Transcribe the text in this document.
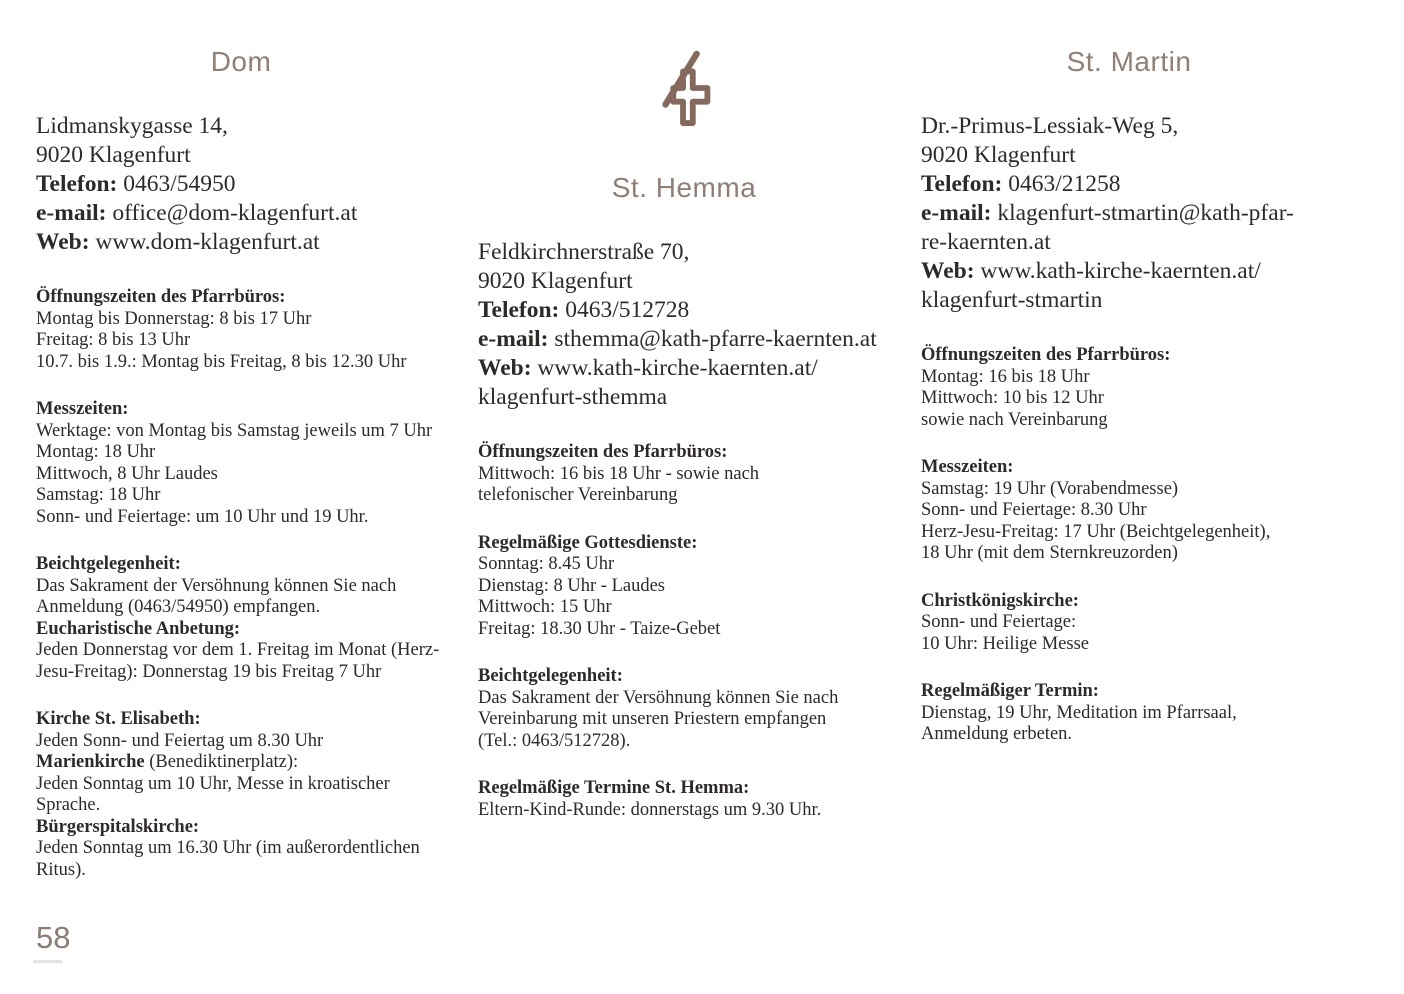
Dom
Lidmanskygasse 14,
9020 Klagenfurt
Telefon: 0463/54950
e-mail: office@dom-klagenfurt.at
Web: www.dom-klagenfurt.at
Öffnungszeiten des Pfarrbüros:
Montag bis Donnerstag: 8 bis 17 Uhr
Freitag: 8 bis 13 Uhr
10.7. bis 1.9.: Montag bis Freitag, 8 bis 12.30 Uhr
Messzeiten:
Werktage: von Montag bis Samstag jeweils um 7 Uhr
Montag: 18 Uhr
Mittwoch, 8 Uhr Laudes
Samstag: 18 Uhr
Sonn- und Feiertage: um 10 Uhr und 19 Uhr.
Beichtgelegenheit:
Das Sakrament der Versöhnung können Sie nach
Anmeldung (0463/54950) empfangen.
Eucharistische Anbetung:
Jeden Donnerstag vor dem 1. Freitag im Monat (Herz-
Jesu-Freitag): Donnerstag 19 bis Freitag 7 Uhr
Kirche St. Elisabeth:
Jeden Sonn- und Feiertag um 8.30 Uhr
Marienkirche (Benediktinerplatz):
Jeden Sonntag um 10 Uhr, Messe in kroatischer
Sprache.
Bürgerspitalskirche:
Jeden Sonntag um 16.30 Uhr (im außerordentlichen
Ritus).
St. Hemma
Feldkirchnerstraße 70,
9020 Klagenfurt
Telefon: 0463/512728
e-mail: sthemma@kath-pfarre-kaernten.at
Web: www.kath-kirche-kaernten.at/
klagenfurt-sthemma
Öffnungszeiten des Pfarrbüros:
Mittwoch: 16 bis 18 Uhr - sowie nach
telefonischer Vereinbarung
Regelmäßige Gottesdienste:
Sonntag: 8.45 Uhr
Dienstag: 8 Uhr - Laudes
Mittwoch: 15 Uhr
Freitag: 18.30 Uhr - Taize-Gebet
Beichtgelegenheit:
Das Sakrament der Versöhnung können Sie nach
Vereinbarung mit unseren Priestern empfangen
(Tel.: 0463/512728).
Regelmäßige Termine St. Hemma:
Eltern-Kind-Runde: donnerstags um 9.30 Uhr.
St. Martin
Dr.-Primus-Lessiak-Weg 5,
9020 Klagenfurt
Telefon: 0463/21258
e-mail: klagenfurt-stmartin@kath-pfar-
re-kaernten.at
Web: www.kath-kirche-kaernten.at/
klagenfurt-stmartin
Öffnungszeiten des Pfarrbüros:
Montag: 16 bis 18 Uhr
Mittwoch: 10 bis 12 Uhr
sowie nach Vereinbarung
Messzeiten:
Samstag: 19 Uhr (Vorabendmesse)
Sonn- und Feiertage: 8.30 Uhr
Herz-Jesu-Freitag: 17 Uhr (Beichtgelegenheit),
18 Uhr (mit dem Sternkreuzorden)
Christkönigskirche:
Sonn- und Feiertage:
10 Uhr: Heilige Messe
Regelmäßiger Termin:
Dienstag, 19 Uhr, Meditation im Pfarrsaal,
Anmeldung erbeten.
58
